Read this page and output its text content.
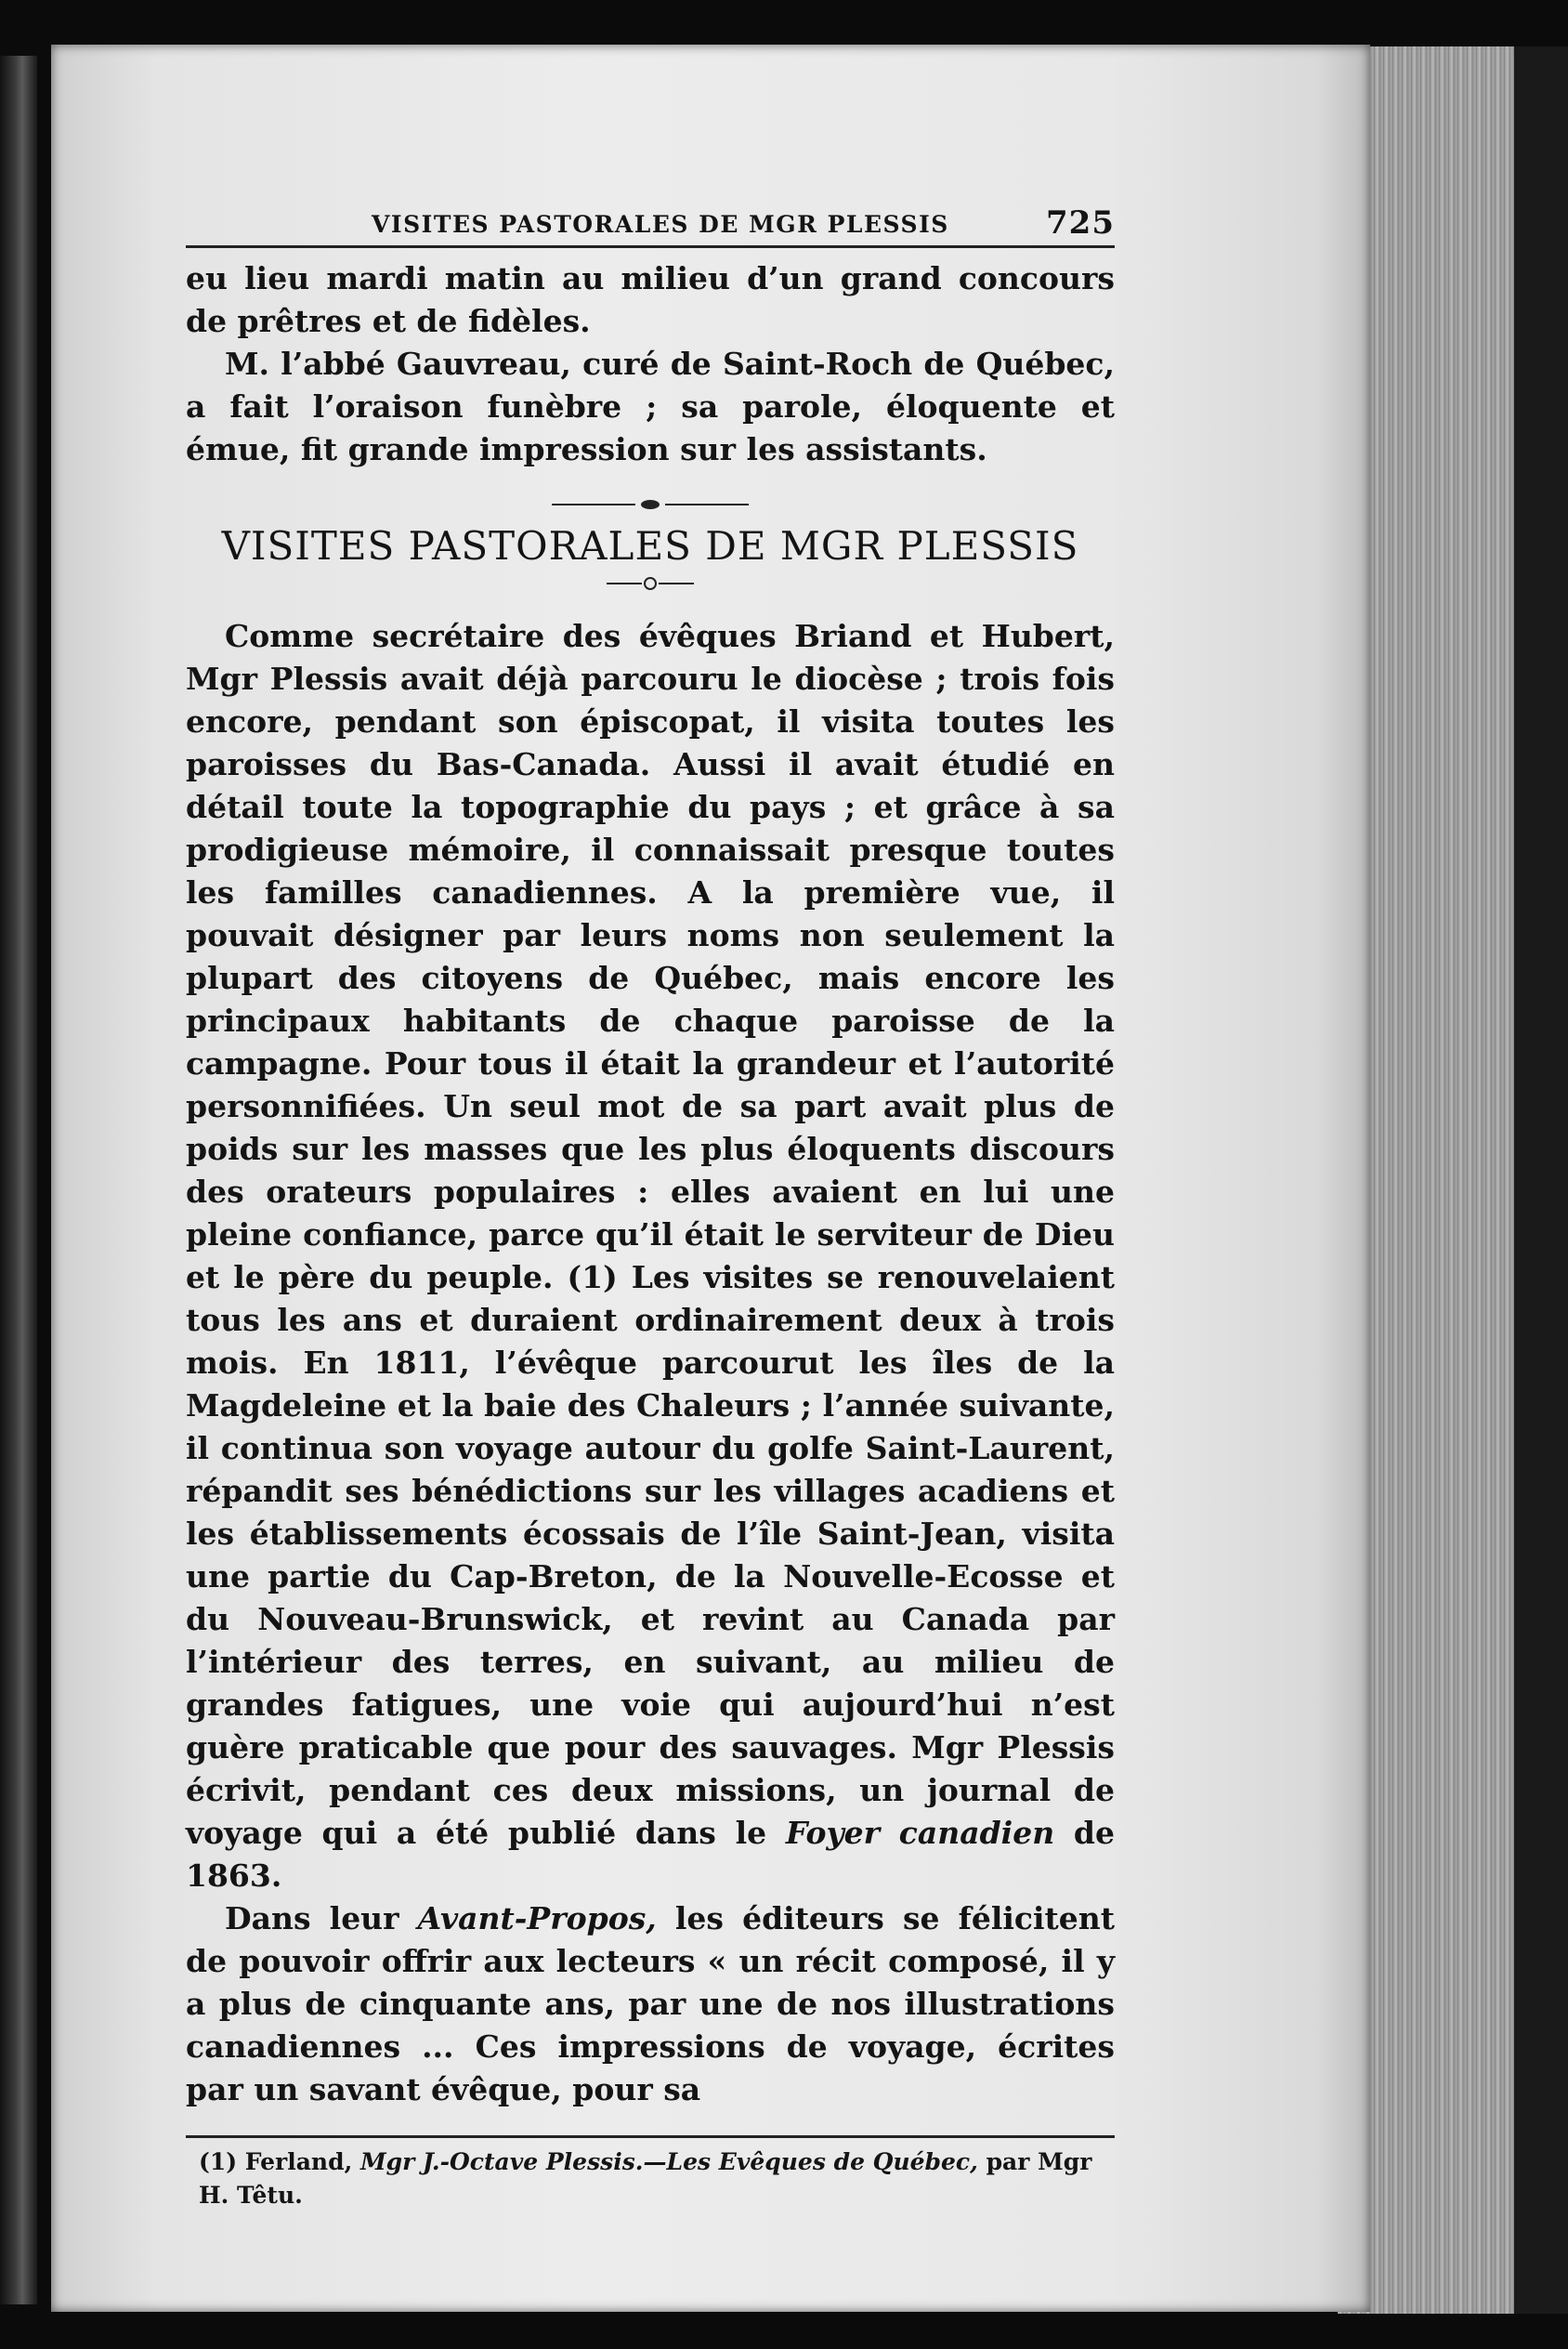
VISITES PASTORALES DE MGR PLESSIS	725

eu lieu mardi matin au milieu d’un grand concours de prêtres et de fidèles.

M. l’abbé Gauvreau, curé de Saint-Roch de Québec, a fait l’oraison funèbre ; sa parole, éloquente et émue, fit grande impression sur les assistants.

VISITES PASTORALES DE MGR PLESSIS

Comme secrétaire des évêques Briand et Hubert, Mgr Plessis avait déjà parcouru le diocèse ; trois fois encore, pendant son épiscopat, il visita toutes les paroisses du Bas-Canada. Aussi il avait étudié en détail toute la topographie du pays ; et grâce à sa prodigieuse mémoire, il connaissait presque toutes les familles canadiennes. A la première vue, il pouvait désigner par leurs noms non seulement la plupart des citoyens de Québec, mais encore les principaux habitants de chaque paroisse de la campagne. Pour tous il était la grandeur et l’autorité personnifiées. Un seul mot de sa part avait plus de poids sur les masses que les plus éloquents discours des orateurs populaires : elles avaient en lui une pleine confiance, parce qu’il était le serviteur de Dieu et le père du peuple. (1) Les visites se renouvelaient tous les ans et duraient ordinairement deux à trois mois. En 1811, l’évêque parcourut les îles de la Magdeleine et la baie des Chaleurs ; l’année suivante, il continua son voyage autour du golfe Saint-Laurent, répandit ses bénédictions sur les villages acadiens et les établissements écossais de l’île Saint-Jean, visita une partie du Cap-Breton, de la Nouvelle-Ecosse et du Nouveau-Brunswick, et revint au Canada par l’intérieur des terres, en suivant, au milieu de grandes fatigues, une voie qui aujourd’hui n’est guère praticable que pour des sauvages. Mgr Plessis écrivit, pendant ces deux missions, un journal de voyage qui a été publié dans le Foyer canadien de 1863.

Dans leur Avant-Propos, les éditeurs se félicitent de pouvoir offrir aux lecteurs « un récit composé, il y a plus de cinquante ans, par une de nos illustrations canadiennes ... Ces impressions de voyage, écrites par un savant évêque, pour sa

(1) Ferland, Mgr J.-Octave Plessis.—Les Evêques de Québec, par Mgr H. Têtu.
